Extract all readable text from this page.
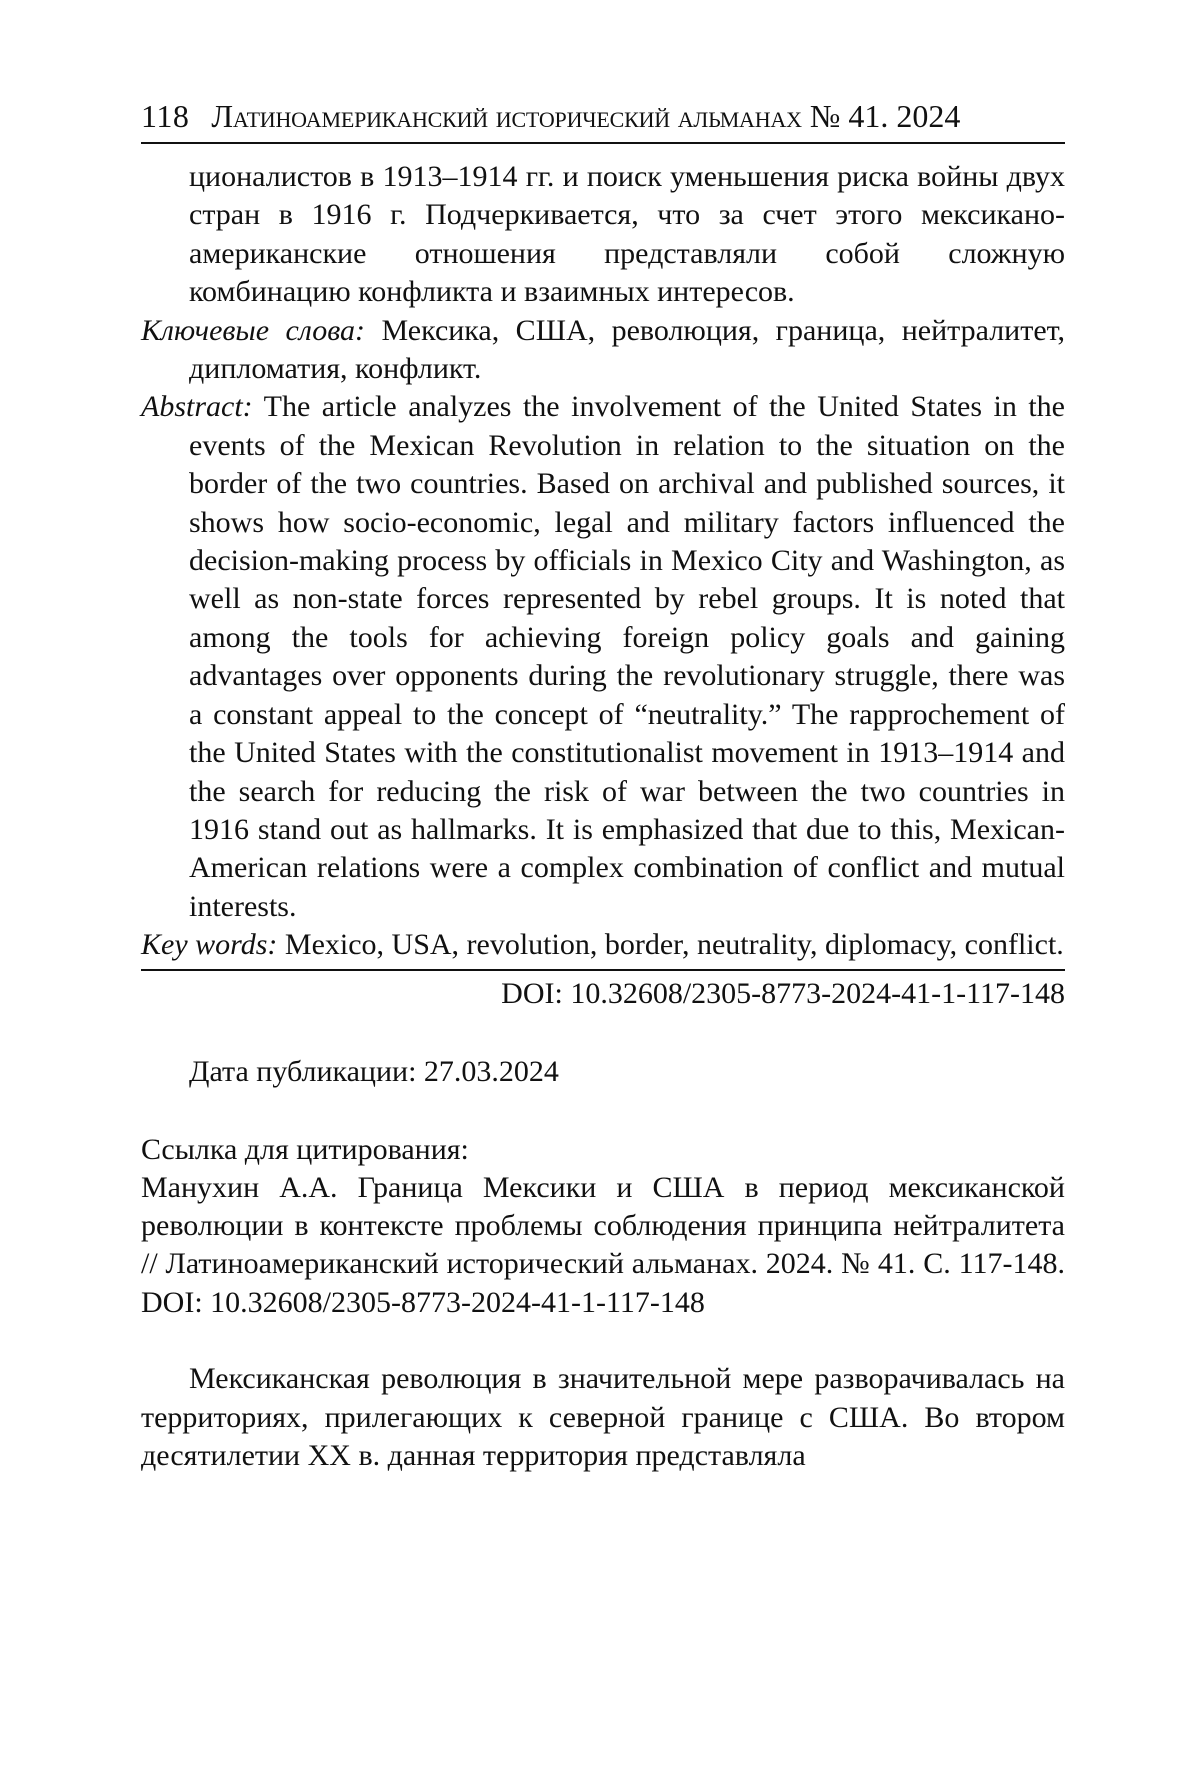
118 Латиноамериканский исторический альманах № 41. 2024

ционалистов в 1913–1914 гг. и поиск уменьшения риска войны двух стран в 1916 г. Подчеркивается, что за счет этого мексикано-американские отношения представляли собой сложную комбинацию конфликта и взаимных интересов.

Ключевые слова: Мексика, США, революция, граница, нейтралитет, дипломатия, конфликт.

Abstract: The article analyzes the involvement of the United States in the events of the Mexican Revolution in relation to the situation on the border of the two countries. Based on archival and published sources, it shows how socio-economic, legal and military factors influenced the decision-making process by officials in Mexico City and Washington, as well as non-state forces represented by rebel groups. It is noted that among the tools for achieving foreign policy goals and gaining advantages over opponents during the revolutionary struggle, there was a constant appeal to the concept of “neutrality.” The rapprochement of the United States with the constitutionalist movement in 1913–1914 and the search for reducing the risk of war between the two countries in 1916 stand out as hallmarks. It is emphasized that due to this, Mexican-American relations were a complex combination of conflict and mutual interests.

Key words: Mexico, USA, revolution, border, neutrality, diplomacy, conflict.

DOI: 10.32608/2305-8773-2024-41-1-117-148
Дата публикации: 27.03.2024
Ссылка для цитирования:

Манухин А.А. Граница Мексики и США в период мексиканской революции в контексте проблемы соблюдения принципа нейтралитета // Латиноамериканский исторический альманах. 2024. № 41. С. 117-148. DOI: 10.32608/2305-8773-2024-41-1-117-148

Мексиканская революция в значительной мере разворачивалась на территориях, прилегающих к северной границе с США. Во втором десятилетии XX в. данная территория представляла
